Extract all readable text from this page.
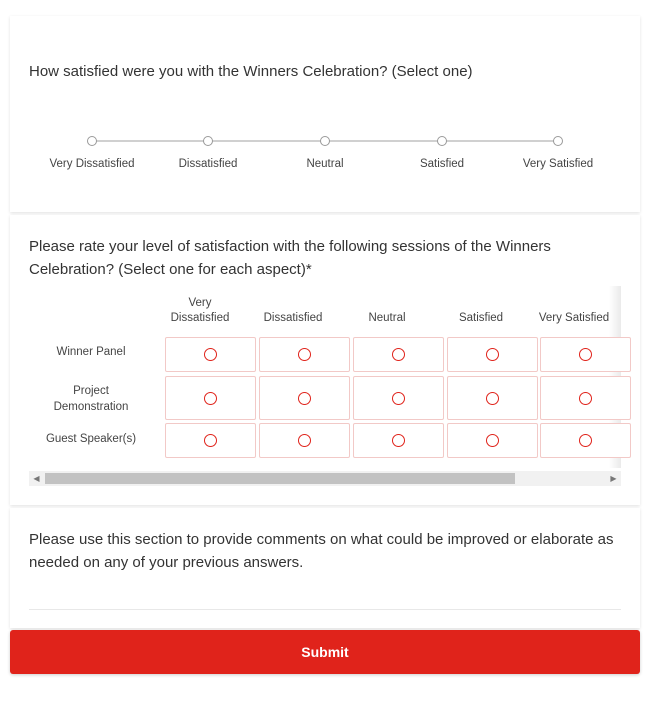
How satisfied were you with the Winners Celebration? (Select one)
Very Dissatisfied	Dissatisfied	Neutral	Satisfied	Very Satisfied
Please rate your level of satisfaction with the following sessions of the Winners Celebration? (Select one for each aspect)*
Very
Dissatisfied	Dissatisfied	Neutral	Satisfied	Very Satisfied
Winner Panel
Project
Demonstration
Guest Speaker(s)
◀	▶
Please use this section to provide comments on what could be improved or elaborate as needed on any of your previous answers.
Submit
